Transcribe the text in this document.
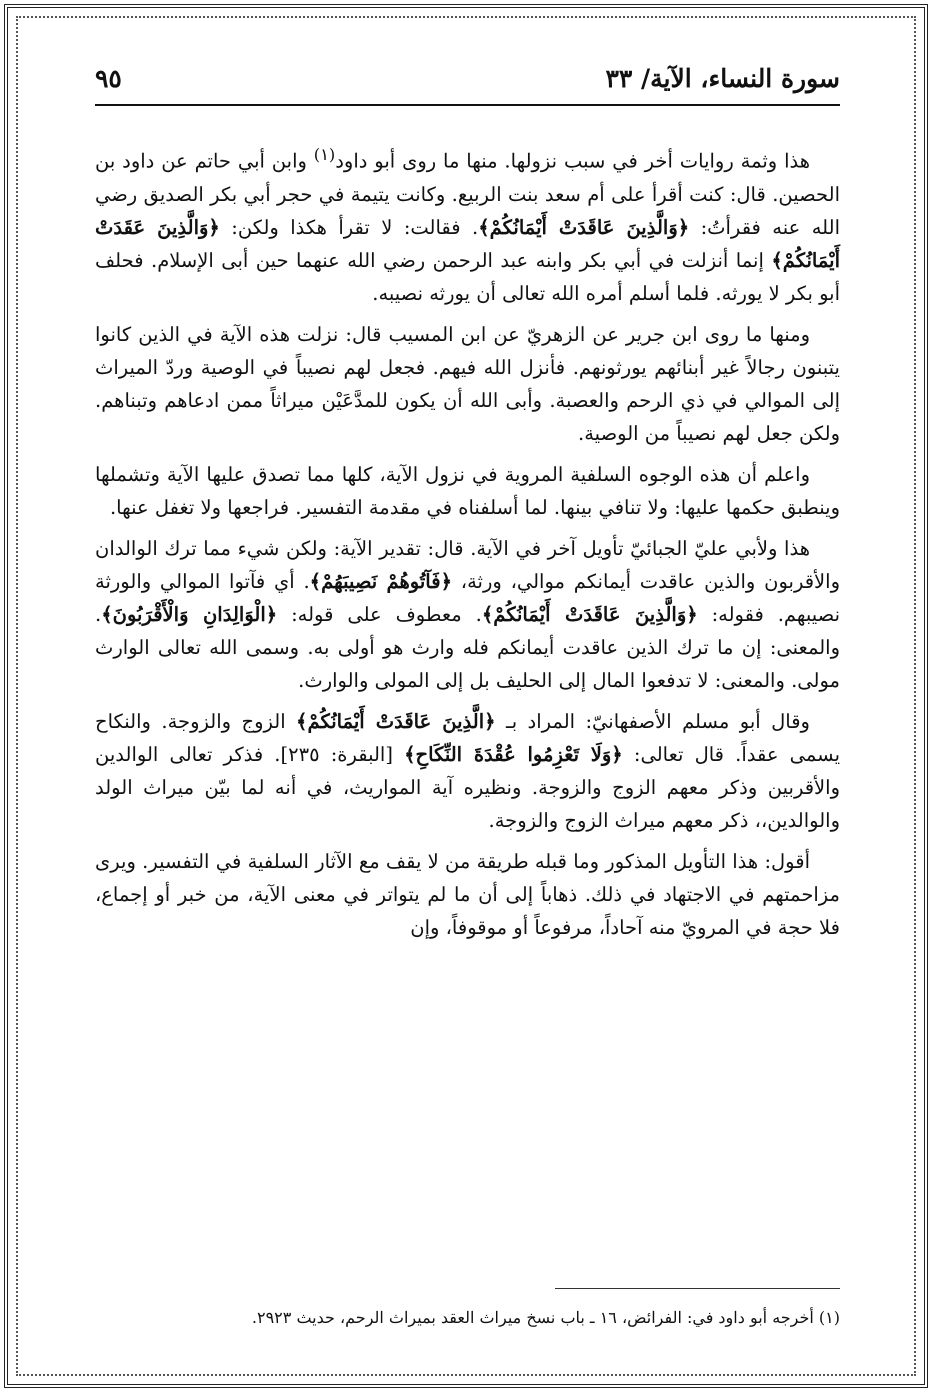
سورة النساء، الآية/ ٣٣
٩٥

هذا وثمة روايات أخر في سبب نزولها. منها ما روى أبو داود$^{(١)}$ وابن أبي حاتم عن داود بن الحصين. قال: كنت أقرأ على أم سعد بنت الربيع. وكانت يتيمة في حجر أبي بكر الصديق رضي الله عنه فقرأتُ: ﴿وَالَّذِينَ عَاقَدَتْ أَيْمَانُكُمْ﴾. فقالت: لا تقرأ هكذا ولكن: ﴿وَالَّذِينَ عَقَدَتْ أَيْمَانُكُمْ﴾ إنما أنزلت في أبي بكر وابنه عبد الرحمن رضي الله عنهما حين أبى الإسلام. فحلف أبو بكر لا يورثه. فلما أسلم أمره الله تعالى أن يورثه نصيبه.

ومنها ما روى ابن جرير عن الزهريّ عن ابن المسيب قال: نزلت هذه الآية في الذين كانوا يتبنون رجالاً غير أبنائهم يورثونهم. فأنزل الله فيهم. فجعل لهم نصيباً في الوصية وردّ الميراث إلى الموالي في ذي الرحم والعصبة. وأبى الله أن يكون للمدَّعَيْن ميراثاً ممن ادعاهم وتبناهم. ولكن جعل لهم نصيباً من الوصية.

واعلم أن هذه الوجوه السلفية المروية في نزول الآية، كلها مما تصدق عليها الآية وتشملها وينطبق حكمها عليها: ولا تنافي بينها. لما أسلفناه في مقدمة التفسير. فراجعها ولا تغفل عنها.

هذا ولأبي عليّ الجبائيّ تأويل آخر في الآية. قال: تقدير الآية: ولكن شيء مما ترك الوالدان والأقربون والذين عاقدت أيمانكم موالي، ورثة، ﴿فَآتُوهُمْ نَصِيبَهُمْ﴾. أي فآتوا الموالي والورثة نصيبهم. فقوله: ﴿وَالَّذِينَ عَاقَدَتْ أَيْمَانُكُمْ﴾. معطوف على قوله: ﴿الْوَالِدَانِ وَالْأَقْرَبُونَ﴾. والمعنى: إن ما ترك الذين عاقدت أيمانكم فله وارث هو أولى به. وسمى الله تعالى الوارث مولى. والمعنى: لا تدفعوا المال إلى الحليف بل إلى المولى والوارث.

وقال أبو مسلم الأصفهانيّ: المراد بـ ﴿الَّذِينَ عَاقَدَتْ أَيْمَانُكُمْ﴾ الزوج والزوجة. والنكاح يسمى عقداً. قال تعالى: ﴿وَلَا تَعْزِمُوا عُقْدَةَ النِّكَاحِ﴾ [البقرة: ٢٣٥]. فذكر تعالى الوالدين والأقربين وذكر معهم الزوج والزوجة. ونظيره آية المواريث، في أنه لما بيّن ميراث الولد والوالدين،، ذكر معهم ميراث الزوج والزوجة.

أقول: هذا التأويل المذكور وما قبله طريقة من لا يقف مع الآثار السلفية في التفسير. ويرى مزاحمتهم في الاجتهاد في ذلك. ذهاباً إلى أن ما لم يتواتر في معنى الآية، من خبر أو إجماع، فلا حجة في المرويّ منه آحاداً، مرفوعاً أو موقوفاً، وإن

(١) أخرجه أبو داود في: الفرائض، ١٦ ـ باب نسخ ميراث العقد بميراث الرحم، حديث ٢٩٢٣.
